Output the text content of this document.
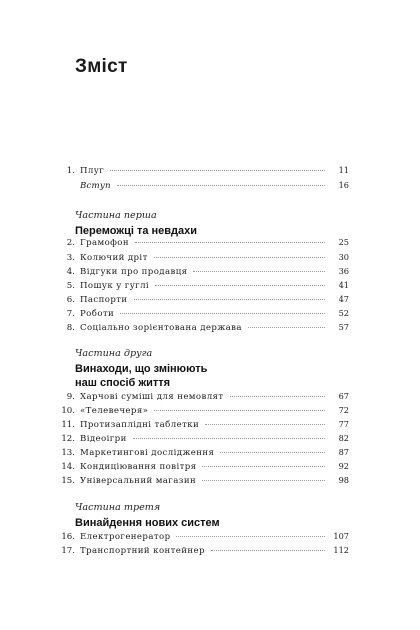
Зміст
1. Плуг	11
Вступ	16
Частина перша
Переможці та невдахи
2. Грамофон	25
3. Колючий дріт	30
4. Відгуки про продавця	36
5. Пошук у гуглі	41
6. Паспорти	47
7. Роботи	52
8. Соціально зорієнтована держава	57
Частина друга
Винаходи, що змінюють
наш спосіб життя
9. Харчові суміші для немовлят	67
10. «Телевечеря»	72
11. Протизаплідні таблетки	77
12. Відеоігри	82
13. Маркетингові дослідження	87
14. Кондиціювання повітря	92
15. Універсальний магазин	98
Частина третя
Винайдення нових систем
16. Електрогенератор	107
17. Транспортний контейнер	112
